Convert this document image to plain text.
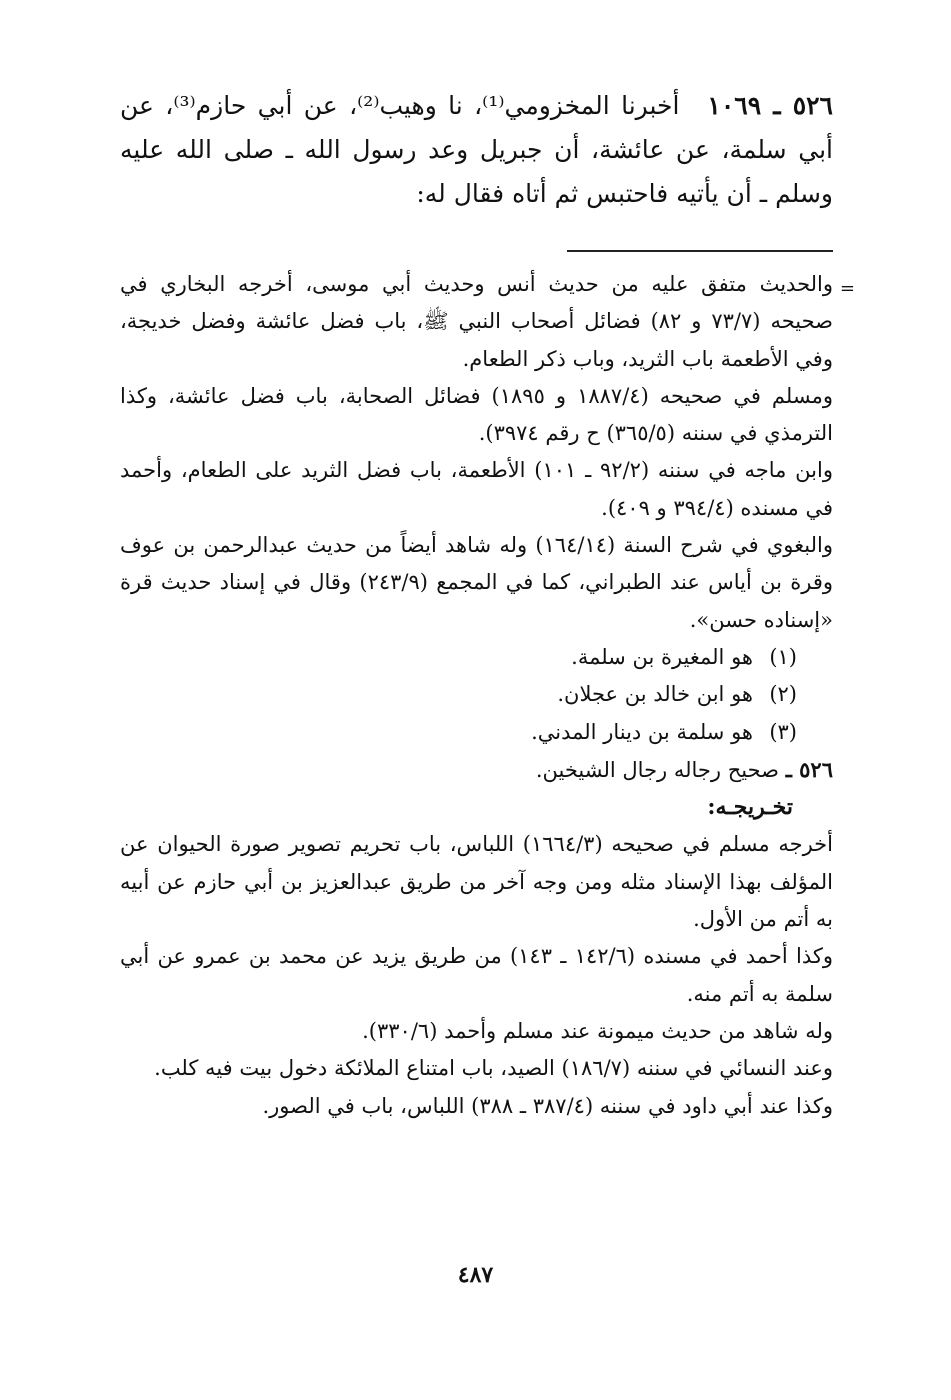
٥٢٦ ـ ١٠٦٩أخبرنا المخزومي⁽¹⁾، نا وهيب⁽²⁾، عن أبي حازم⁽³⁾، عن أبي سلمة، عن عائشة، أن جبريل وعد رسول الله ـ صلى الله عليه وسلم ـ أن يأتيه فاحتبس ثم أتاه فقال له:
=

والحديث متفق عليه من حديث أنس وحديث أبي موسى، أخرجه البخاري في صحيحه (٧٣/٧ و ٨٢) فضائل أصحاب النبي ﷺ، باب فضل عائشة وفضل خديجة، وفي الأطعمة باب الثريد، وباب ذكر الطعام.

ومسلم في صحيحه (١٨٨٧/٤ و ١٨٩٥) فضائل الصحابة، باب فضل عائشة، وكذا الترمذي في سننه (٣٦٥/٥) ح رقم ٣٩٧٤).

وابن ماجه في سننه (٩٢/٢ ـ ١٠١) الأطعمة، باب فضل الثريد على الطعام، وأحمد في مسنده (٣٩٤/٤ و ٤٠٩).

والبغوي في شرح السنة (١٦٤/١٤) وله شاهد أيضاً من حديث عبدالرحمن بن عوف وقرة بن أياس عند الطبراني، كما في المجمع (٢٤٣/٩) وقال في إسناد حديث قرة «إسناده حسن».

(١)
هو المغيرة بن سلمة.
(٢)
هو ابن خالد بن عجلان.
(٣)
هو سلمة بن دينار المدني.

٥٢٦ ـ صحيح رجاله رجال الشيخين.

تخـريجـه:

أخرجه مسلم في صحيحه (١٦٦٤/٣) اللباس، باب تحريم تصوير صورة الحيوان عن المؤلف بهذا الإسناد مثله ومن وجه آخر من طريق عبدالعزيز بن أبي حازم عن أبيه به أتم من الأول.

وكذا أحمد في مسنده (١٤٢/٦ ـ ١٤٣) من طريق يزيد عن محمد بن عمرو عن أبي سلمة به أتم منه.

وله شاهد من حديث ميمونة عند مسلم وأحمد (٣٣٠/٦).

وعند النسائي في سننه (١٨٦/٧) الصيد، باب امتناع الملائكة دخول بيت فيه كلب.

وكذا عند أبي داود في سننه (٣٨٧/٤ ـ ٣٨٨) اللباس، باب في الصور.

٤٨٧
